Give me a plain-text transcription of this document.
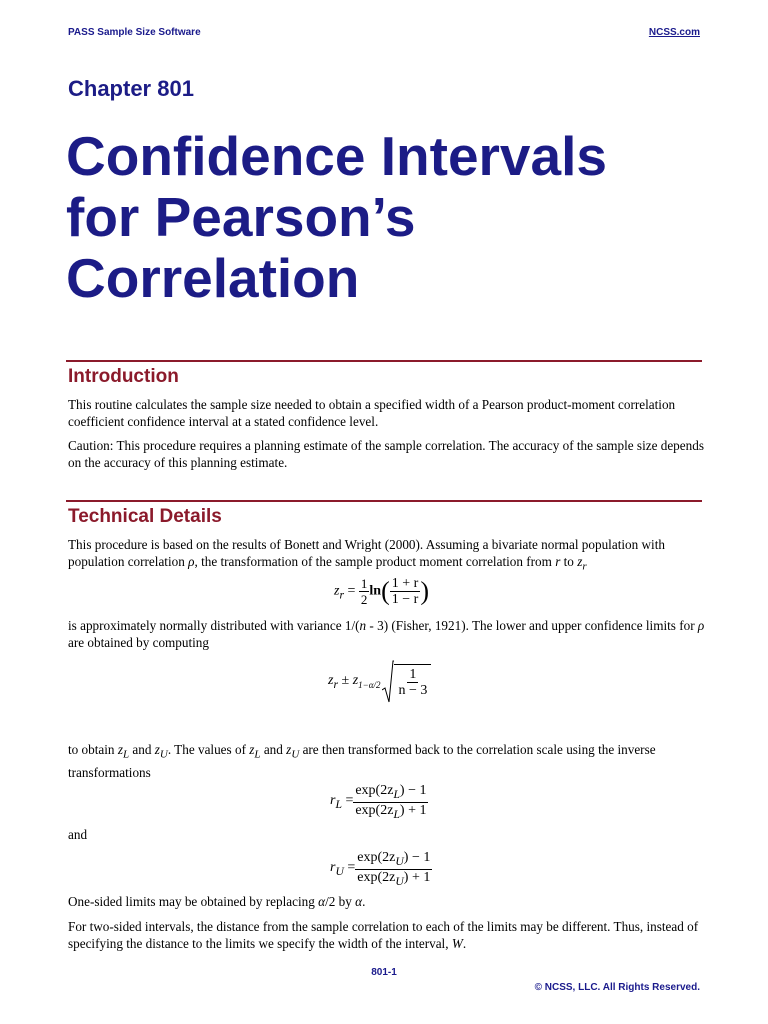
PASS Sample Size Software	NCSS.com
Chapter 801
Confidence Intervals
for Pearson’s
Correlation
Introduction

This routine calculates the sample size needed to obtain a specified width of a Pearson product-moment correlation coefficient confidence interval at a stated confidence level.

Caution: This procedure requires a planning estimate of the sample correlation. The accuracy of the sample size depends on the accuracy of this planning estimate.

Technical Details

This procedure is based on the results of Bonett and Wright (2000). Assuming a bivariate normal population with population correlation ρ, the transformation of the sample product moment correlation from r to $z_r$

$z_r = \frac{1}{2} \ln( \frac{1 + r}{1 - r}$ )

is approximately normally distributed with variance 1/(n - 3) (Fisher, 1921). The lower and upper confidence limits for ρ are obtained by computing

$z_r \pm z_{1-\alpha/2} \frac{1}{n - 3}$

to obtain $z_L$ and $z_U$. The values of $z_L$ and $z_U$ are then transformed back to the correlation scale using the inverse transformations

$r_L = \frac{\exp(2z_L) - 1}{\exp(2z_L) + 1}$

and

$r_U = \frac{\exp(2z_U) - 1}{\exp(2z_U) + 1}$

One-sided limits may be obtained by replacing α/2 by α.

For two-sided intervals, the distance from the sample correlation to each of the limits may be different. Thus, instead of specifying the distance to the limits we specify the width of the interval, W.

801-1
© NCSS, LLC. All Rights Reserved.
